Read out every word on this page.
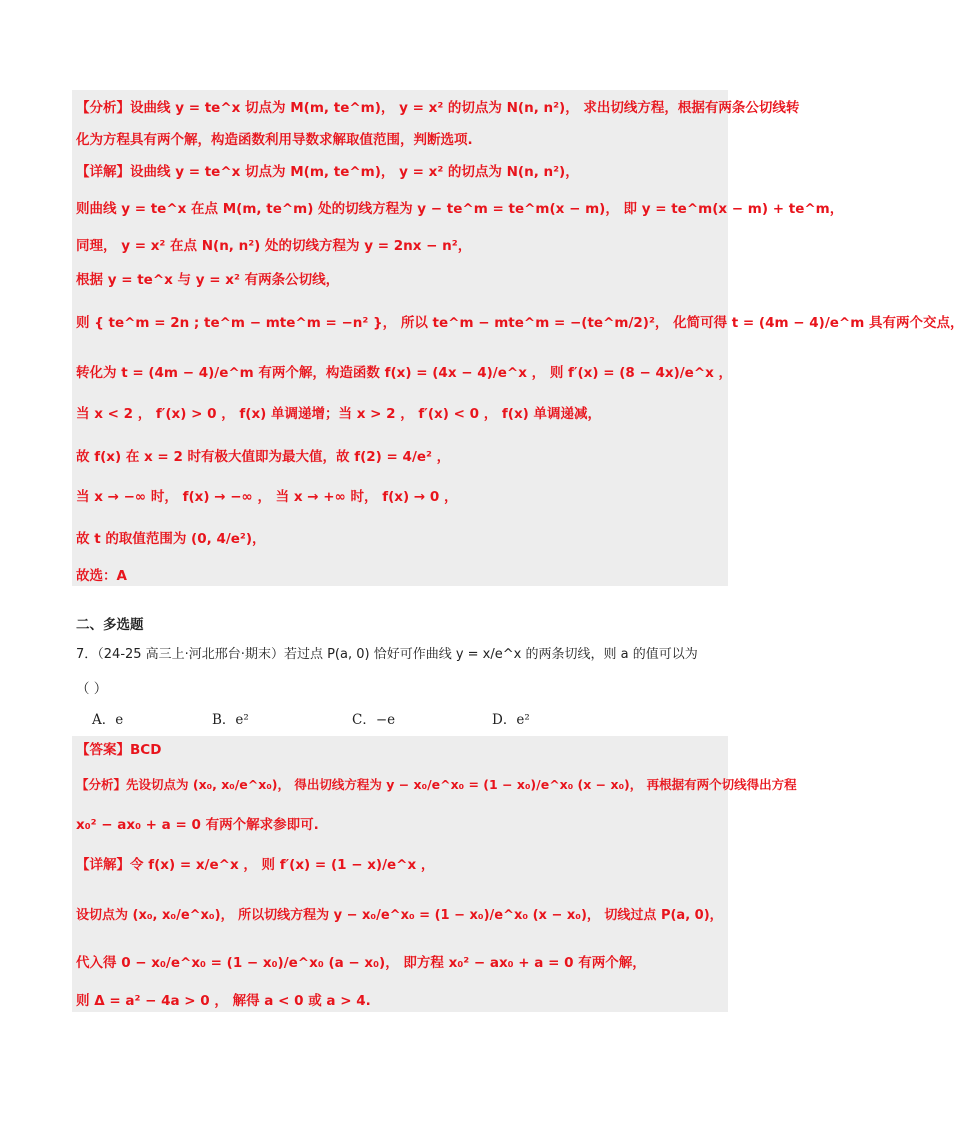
【分析】设曲线 y = te^x 切点为 M(m, te^m)， y = x² 的切点为 N(n, n²)， 求出切线方程，根据有两条公切线转
化为方程具有两个解，构造函数利用导数求解取值范围，判断选项.
【详解】设曲线 y = te^x 切点为 M(m, te^m)， y = x² 的切点为 N(n, n²)，
则曲线 y = te^x 在点 M(m, te^m) 处的切线方程为 y − te^m = te^m(x − m)， 即 y = te^m(x − m) + te^m，
同理， y = x² 在点 N(n, n²) 处的切线方程为 y = 2nx − n²，
根据 y = te^x 与 y = x² 有两条公切线，
则 { te^m = 2n ; te^m − mte^m = −n² }， 所以 te^m − mte^m = −(te^m/2)²， 化简可得 t = (4m − 4)/e^m 具有两个交点，
转化为 t = (4m − 4)/e^m 有两个解，构造函数 f(x) = (4x − 4)/e^x ， 则 f′(x) = (8 − 4x)/e^x ，
当 x < 2 ， f′(x) > 0 ， f(x) 单调递增；当 x > 2 ， f′(x) < 0 ， f(x) 单调递减，
故 f(x) 在 x = 2 时有极大值即为最大值，故 f(2) = 4/e² ，
当 x → −∞ 时， f(x) → −∞ ， 当 x → +∞ 时， f(x) → 0 ，
故 t 的取值范围为 (0, 4/e²)，
故选：A
二、多选题
7．（24-25 高三上·河北邢台·期末）若过点 P(a, 0) 恰好可作曲线 y = x/e^x 的两条切线，则 a 的值可以为
（ ）
A．e	B．e²	C．−e	D．e²
【答案】BCD
【分析】先设切点为 (x₀, x₀/e^x₀)， 得出切线方程为 y − x₀/e^x₀ = (1 − x₀)/e^x₀ (x − x₀)， 再根据有两个切线得出方程
x₀² − ax₀ + a = 0 有两个解求参即可.
【详解】令 f(x) = x/e^x ， 则 f′(x) = (1 − x)/e^x ，
设切点为 (x₀, x₀/e^x₀)， 所以切线方程为 y − x₀/e^x₀ = (1 − x₀)/e^x₀ (x − x₀)， 切线过点 P(a, 0)，
代入得 0 − x₀/e^x₀ = (1 − x₀)/e^x₀ (a − x₀)， 即方程 x₀² − ax₀ + a = 0 有两个解，
则 Δ = a² − 4a > 0 ， 解得 a < 0 或 a > 4.
